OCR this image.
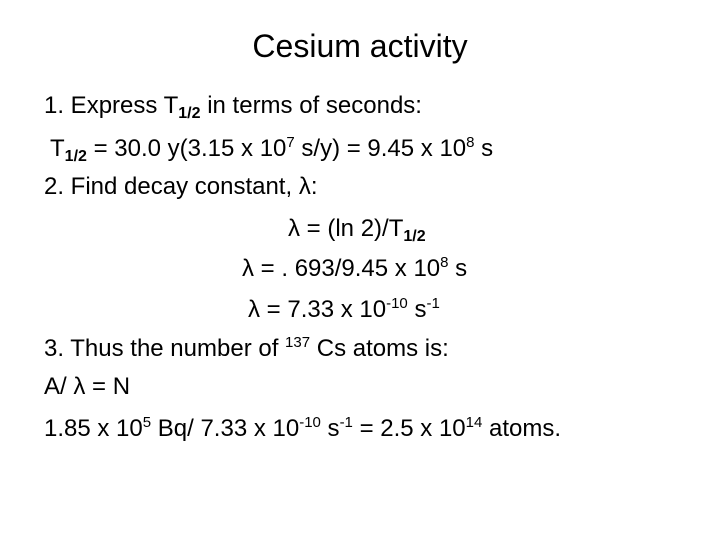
Cesium activity
1. Express $T_{1/2}$ in terms of seconds:
$T_{1/2} = 30.0$ y(3.15 x $10^7$ s/y) = 9.45 x $10^8$ s
2. Find decay constant, λ:
λ = (ln $2)/T_{1/2}$
λ = . 693/9.45 x $10^8$ s
λ = 7.33 x $10^{-10}$ $s^{-1}$
3. Thus the number of $^{137}$ Cs atoms is:
A/ λ = N
1.85 x $10^5$ Bq/ 7.33 x $10^{-10}$ $s^{-1} = 2.5$ x $10^{14}$ atoms.
